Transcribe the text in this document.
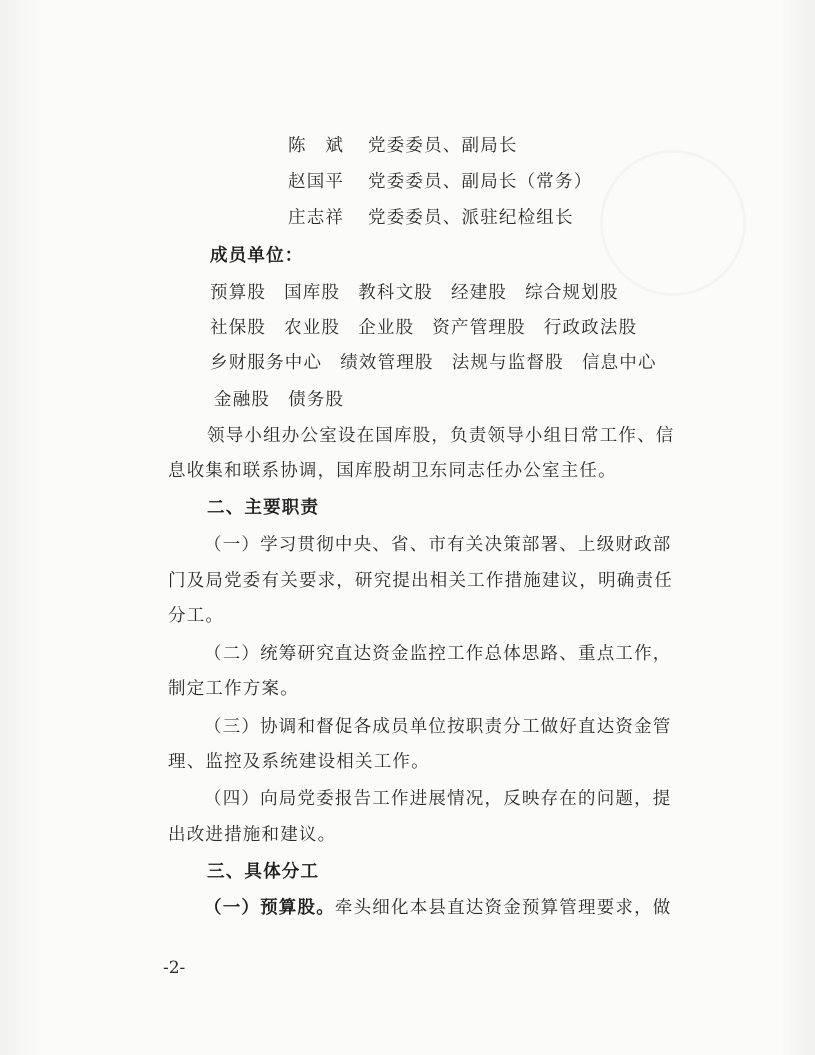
陈　斌 党委委员、副局长
赵国平 党委委员、副局长（常务）
庄志祥 党委委员、派驻纪检组长
成员单位：
预算股 国库股 教科文股 经建股 综合规划股
社保股 农业股 企业股 资产管理股 行政政法股
乡财服务中心 绩效管理股 法规与监督股 信息中心
金融股 债务股
领导小组办公室设在国库股，负责领导小组日常工作、信
息收集和联系协调，国库股胡卫东同志任办公室主任。
二、主要职责
（一）学习贯彻中央、省、市有关决策部署、上级财政部
门及局党委有关要求，研究提出相关工作措施建议，明确责任
分工。
（二）统筹研究直达资金监控工作总体思路、重点工作，
制定工作方案。
（三）协调和督促各成员单位按职责分工做好直达资金管
理、监控及系统建设相关工作。
（四）向局党委报告工作进展情况，反映存在的问题，提
出改进措施和建议。
三、具体分工
（一）预算股。牵头细化本县直达资金预算管理要求，做
-2-
